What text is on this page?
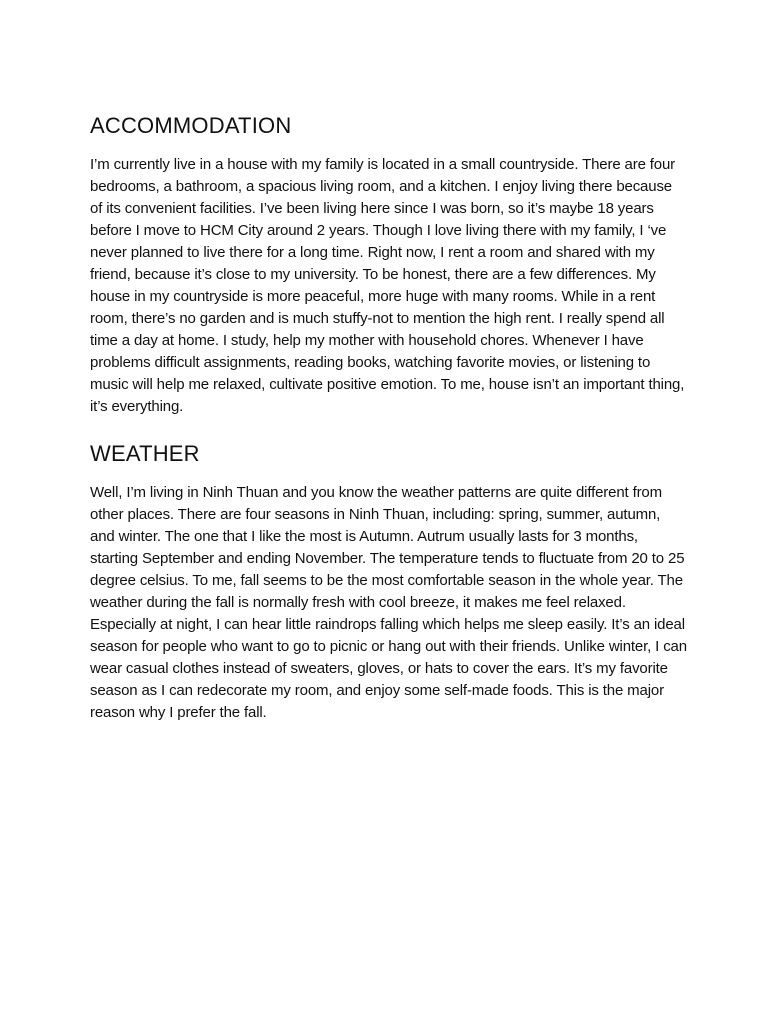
ACCOMMODATION

I’m currently live in a house with my family is located in a small countryside. There are four bedrooms, a bathroom, a spacious living room, and a kitchen. I enjoy living there because of its convenient facilities. I’ve been living here since I was born, so it’s maybe 18 years before I move to HCM City around 2 years. Though I love living there with my family, I ‘ve never planned to live there for a long time. Right now, I rent a room and shared with my friend, because it’s close to my university. To be honest, there are a few differences. My house in my countryside is more peaceful, more huge with many rooms. While in a rent room, there’s no garden and is much stuffy-not to mention the high rent. I really spend all time a day at home. I study, help my mother with household chores. Whenever I have problems difficult assignments, reading books, watching favorite movies, or listening to music will help me relaxed, cultivate positive emotion. To me, house isn’t an important thing, it’s everything.

WEATHER

Well, I’m living in Ninh Thuan and you know the weather patterns are quite different from other places. There are four seasons in Ninh Thuan, including: spring, summer, autumn, and winter. The one that I like the most is Autumn. Autrum usually lasts for 3 months, starting September and ending November. The temperature tends to fluctuate from 20 to 25 degree celsius. To me, fall seems to be the most comfortable season in the whole year. The weather during the fall is normally fresh with cool breeze, it makes me feel relaxed. Especially at night, I can hear little raindrops falling which helps me sleep easily. It’s an ideal season for people who want to go to picnic or hang out with their friends. Unlike winter, I can wear casual clothes instead of sweaters, gloves, or hats to cover the ears. It’s my favorite season as I can redecorate my room, and enjoy some self-made foods. This is the major reason why I prefer the fall.
